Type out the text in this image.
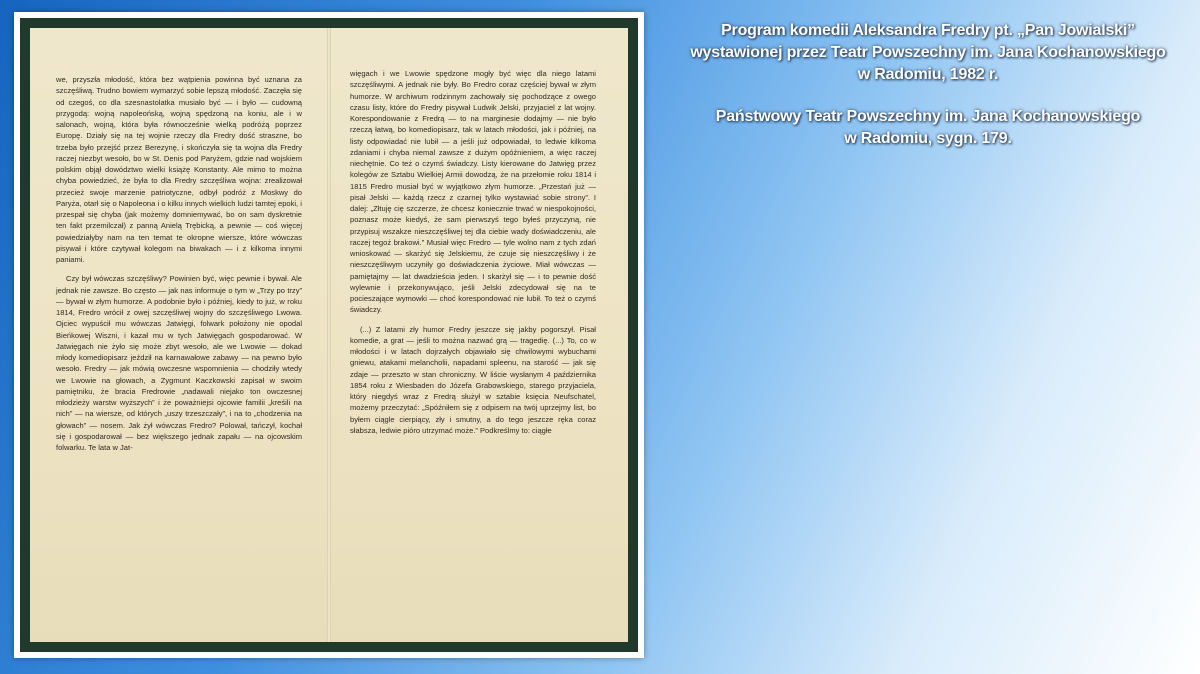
we, przyszła młodość, która bez wątpienia powinna być uznana za szczęśliwą. Trudno bowiem wymarzyć sobie lepszą młodość. Zaczęła się od czegoś, co dla szesnastolatka musiało być — i było — cudowną przygodą: wojną napoleońską, wojną spędzoną na koniu, ale i w salonach, wojną, która była równocześnie wielką podróżą poprzez Europę. Działy się na tej wojnie rzeczy dla Fredry dość straszne, bo trzeba było przejść przez Berezynę, i skończyła się ta wojna dla Fredry raczej niezbyt wesoło, bo w St. Denis pod Paryżem, gdzie nad wojskiem polskim objął dowództwo wielki książę Konstanty. Ale mimo to można chyba powiedzieć, że była to dla Fredry szczęśliwa wojna: zrealizował przecież swoje marzenie patriotyczne, odbył podróż z Moskwy do Paryża, otarł się o Napoleona i o kilku innych wielkich ludzi tamtej epoki, i przespał się chyba (jak możemy domniemywać, bo on sam dyskretnie ten fakt przemilczał) z panną Anielą Trębicką, a pewnie — coś więcej powiedziałyby nam na ten temat te okropne wiersze, które wówczas pisywał i które czytywał kolegom na biwakach — i z kilkoma innymi paniami.

Czy był wówczas szczęśliwy? Powinien być, więc pewnie i bywał. Ale jednak nie zawsze. Bo często — jak nas informuje o tym w „Trzy po trzy” — bywał w złym humorze. A podobnie było i później, kiedy to już, w roku 1814, Fredro wrócił z owej szczęśliwej wojny do szczęśliwego Lwowa. Ojciec wypuścił mu wówczas Jatwięgi, folwark położony nie opodal Bieńkowej Wiszni, i kazał mu w tych Jatwięgach gospodarować. W Jatwięgach nie żyło się może zbyt wesoło, ale we Lwowie — dokad młody komediopisarz jeździł na karnawałowe zabawy — na pewno było wesoło. Fredry — jak mówią owczesne wspomnienia — chodziły wtedy we Lwowie na głowach, a Zygmunt Kaczkowski zapisał w swoim pamiętniku, że bracia Fredrowie „nadawali niejako ton owczesnej młodzieży warstw wyższych” i że poważniejsi ojcowie familii „kreśili na nich” — na wiersze, od których „uszy trzeszczały”, i na to „chodzenia na głowach” — nosem. Jak żył wówczas Fredro? Polował, tańczył, kochał się i gospodarował — bez większego jednak zapału — na ojcowskim folwarku. Te lata w Jat-

więgach i we Lwowie spędzone mogły być więc dla niego latami szczęśliwymi. A jednak nie były. Bo Fredro coraz częściej bywał w złym humorze. W archiwum rodzinnym zachowały się pochodzące z owego czasu listy, które do Fredry pisywał Ludwik Jelski, przyjaciel z lat wojny. Korespondowanie z Fredrą — to na marginesie dodajmy — nie było rzeczą łatwą, bo komediopisarz, tak w latach młodości, jak i później, na listy odpowiadać nie lubił — a jeśli już odpowiadał, to ledwie kilkoma zdaniami i chyba niemal zawsze z dużym opóźnieniem, a więc raczej niechętnie. Co też o czymś świadczy. Listy kierowane do Jatwięg przez kolegów ze Sztabu Wielkiej Armii dowodzą, że na przełomie roku 1814 i 1815 Fredro musiał być w wyjątkowo złym humorze. „Przestań już — pisał Jelski — każdą rzecz z czarnej tylko wystawiać sobie strony”. I dalej: „Złtuję cię szczerze, że chcesz koniecznie trwać w niespokojności, poznasz może kiedyś, że sam pierwszyś tego byłeś przyczyną, nie przypisuj wszakze nieszczęśliwej tej dla ciebie wady doświadczeniu, ale raczej tegoż brakowi.” Musiał więc Fredro — tyle wolno nam z tych zdań wnioskować — skarżyć się Jelskiemu, że czuje się nieszczęśliwy i że nieszczęśliwym uczyniły go doświadczenia życiowe. Miał wówczas — pamiętajmy — lat dwadzieścia jeden. I skarżył się — i to pewnie dość wylewnie i przekonywująco, jeśli Jelski zdecydował się na te pocieszające wymowki — choć korespondować nie lubił. To też o czymś świadczy.

(...) Z latami zły humor Fredry jeszcze się jakby pogorszył. Pisał komedie, a grat — jeśli to można nazwać grą — tragedię. (...) To, co w młodości i w latach dojrzałych objawiało się chwilowymi wybuchami gniewu, atakami melancholii, napadami spleenu, na starość — jak się zdaje — przeszto w stan chroniczny. W liście wysłanym 4 października 1854 roku z Wiesbaden do Józefa Grabowskiego, starego przyjaciela, który niegdyś wraz z Fredrą służył w sztabie księcia Neufschatel, możemy przeczytać: „Spóźniłem się z odpisem na twój uprzejmy list, bo byłem ciągle cierpiący, zły i smutny, a do tego jeszcze ręka coraz słabsza, ledwie pióro utrzymać może.” Podkreślmy to: ciągłe

Program komedii Aleksandra Fredry pt. „Pan Jowialski”
wystawionej przez Teatr Powszechny im. Jana Kochanowskiego
w Radomiu, 1982 r.
Państwowy Teatr Powszechny im. Jana Kochanowskiego
w Radomiu, sygn. 179.
